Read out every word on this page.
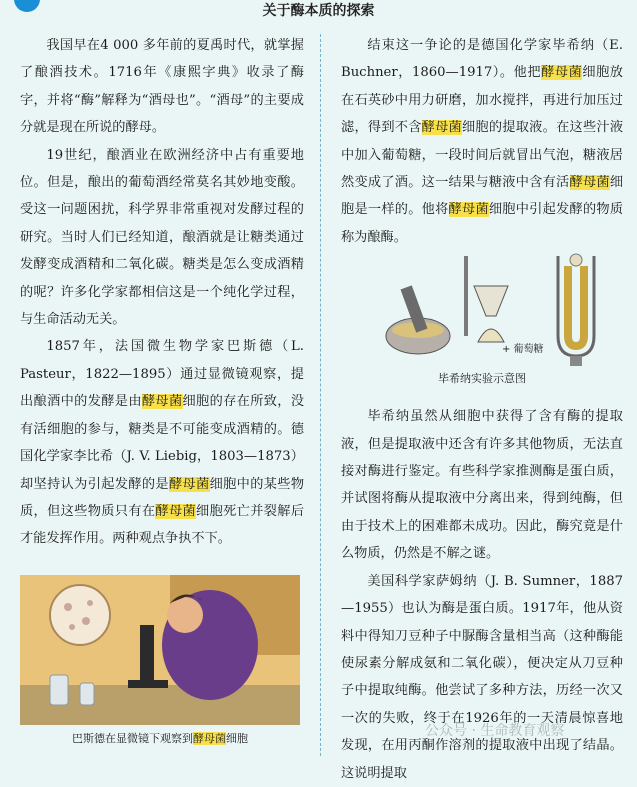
关于酶本质的探索

我国早在4 000 多年前的夏禹时代，就掌握了酿酒技术。1716年《康熙字典》收录了酶字，并将“酶”解释为“酒母也”。“酒母”的主要成分就是现在所说的酵母。

19世纪，酿酒业在欧洲经济中占有重要地位。但是，酿出的葡萄酒经常莫名其妙地变酸。受这一问题困扰，科学界非常重视对发酵过程的研究。当时人们已经知道，酿酒就是让糖类通过发酵变成酒精和二氧化碳。糖类是怎么变成酒精的呢？许多化学家都相信这是一个纯化学过程，与生命活动无关。

1857年，法国微生物学家巴斯德（L. Pasteur，1822—1895）通过显微镜观察，提出酿酒中的发酵是由酵母菌细胞的存在所致，没有活细胞的参与，糖类是不可能变成酒精的。德国化学家李比希（J. V. Liebig，1803—1873）却坚持认为引起发酵的是酵母菌细胞中的某些物质，但这些物质只有在酵母菌细胞死亡并裂解后才能发挥作用。两种观点争执不下。

巴斯德在显微镜下观察到酵母菌细胞

结束这一争论的是德国化学家毕希纳（E. Buchner，1860—1917）。他把酵母菌细胞放在石英砂中用力研磨，加水搅拌，再进行加压过滤，得到不含酵母菌细胞的提取液。在这些汁液中加入葡萄糖，一段时间后就冒出气泡，糖液居然变成了酒。这一结果与糖液中含有活酵母菌细胞是一样的。他将酵母菌细胞中引起发酵的物质称为酿酶。

毕希纳虽然从细胞中获得了含有酶的提取液，但是提取液中还含有许多其他物质，无法直接对酶进行鉴定。有些科学家推测酶是蛋白质，并试图将酶从提取液中分离出来，得到纯酶，但由于技术上的困难都未成功。因此，酶究竟是什么物质，仍然是不解之谜。

美国科学家萨姆纳（J. B. Sumner，1887—1955）也认为酶是蛋白质。1917年，他从资料中得知刀豆种子中脲酶含量相当高（这种酶能使尿素分解成氨和二氧化碳），便决定从刀豆种子中提取纯酶。他尝试了多种方法，历经一次又一次的失败，终于在1926年的一天清晨惊喜地发现，在用丙酮作溶剂的提取液中出现了结晶。这说明提取

+ 葡萄糖
毕希纳实验示意图
公众号 · 生命教育观察
